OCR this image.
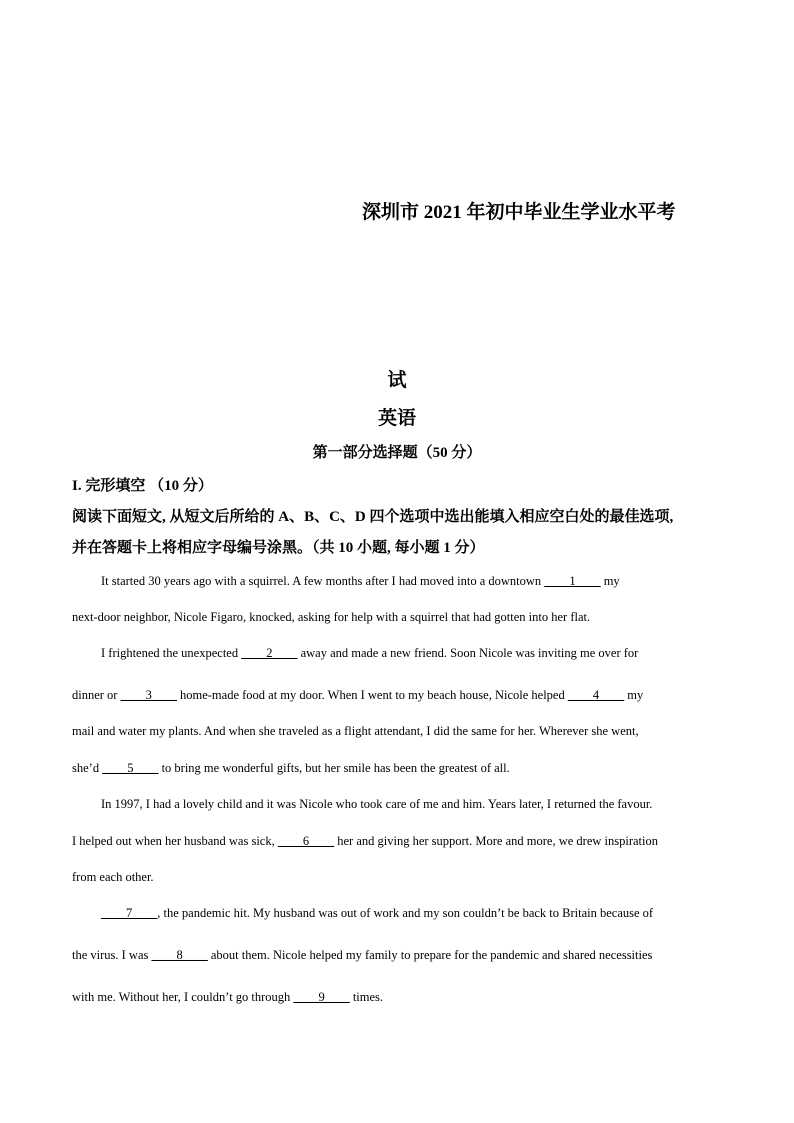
深圳市 2021 年初中毕业生学业水平考
试
英语
第一部分选择题（50 分）
I. 完形填空 （10 分）
阅读下面短文, 从短文后所给的 A、B、C、D 四个选项中选出能填入相应空白处的最佳选项,
并在答题卡上将相应字母编号涂黑。（共 10 小题, 每小题 1 分）
It started 30 years ago with a squirrel. A few months after I had moved into a downtown ____1____ my
next-door neighbor, Nicole Figaro, knocked, asking for help with a squirrel that had gotten into her flat.
I frightened the unexpected ____2____ away and made a new friend. Soon Nicole was inviting me over for
dinner or ____3____ home-made food at my door. When I went to my beach house, Nicole helped ____4____ my
mail and water my plants. And when she traveled as a flight attendant, I did the same for her. Wherever she went,
she’d ____5____ to bring me wonderful gifts, but her smile has been the greatest of all.
In 1997, I had a lovely child and it was Nicole who took care of me and him. Years later, I returned the favour.
I helped out when her husband was sick, ____6____ her and giving her support. More and more, we drew inspiration
from each other.
____7____, the pandemic hit. My husband was out of work and my son couldn’t be back to Britain because of
the virus. I was ____8____ about them. Nicole helped my family to prepare for the pandemic and shared necessities
with me. Without her, I couldn’t go through ____9____ times.
